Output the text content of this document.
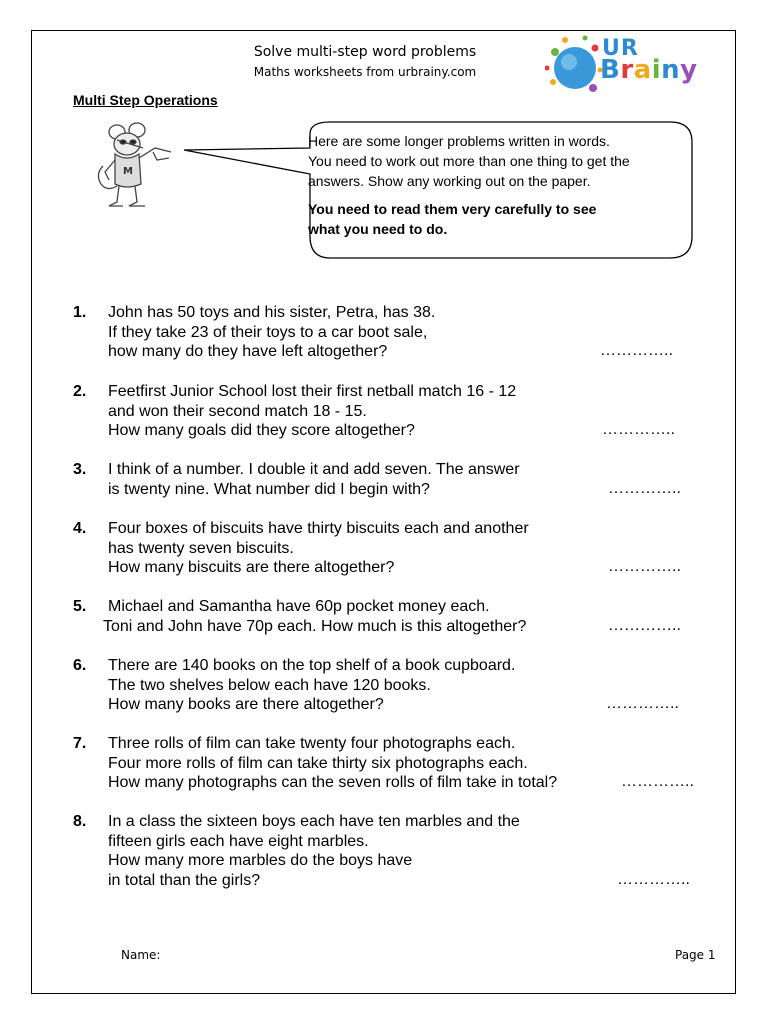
Solve multi-step word problems
Maths worksheets from urbrainy.com
UR
Brainy
Multi Step Operations
M

Here are some longer problems written in words.

You need to work out more than one thing to get the

answers. Show any working out on the paper.

You need to read them very carefully to see

what you need to do.

1. John has 50 toys and his sister, Petra, has 38.
If they take 23 of their toys to a car boot sale,
how many do they have left altogether?	…………..
2. Feetfirst Junior School lost their first netball match 16 - 12
and won their second match 18 - 15.
How many goals did they score altogether?	…………..
3. I think of a number. I double it and add seven. The answer
is twenty nine. What number did I begin with?	…………..
4. Four boxes of biscuits have thirty biscuits each and another
has twenty seven biscuits.
How many biscuits are there altogether?	…………..
5. Michael and Samantha have 60p pocket money each.
Toni and John have 70p each. How much is this altogether?	…………..
6. There are 140 books on the top shelf of a book cupboard.
The two shelves below each have 120 books.
How many books are there altogether?	…………..
7. Three rolls of film can take twenty four photographs each.
Four more rolls of film can take thirty six photographs each.
How many photographs can the seven rolls of film take in total?	…………..
8. In a class the sixteen boys each have ten marbles and the
fifteen girls each have eight marbles.
How many more marbles do the boys have
in total than the girls?	…………..
Name:	Page 1
